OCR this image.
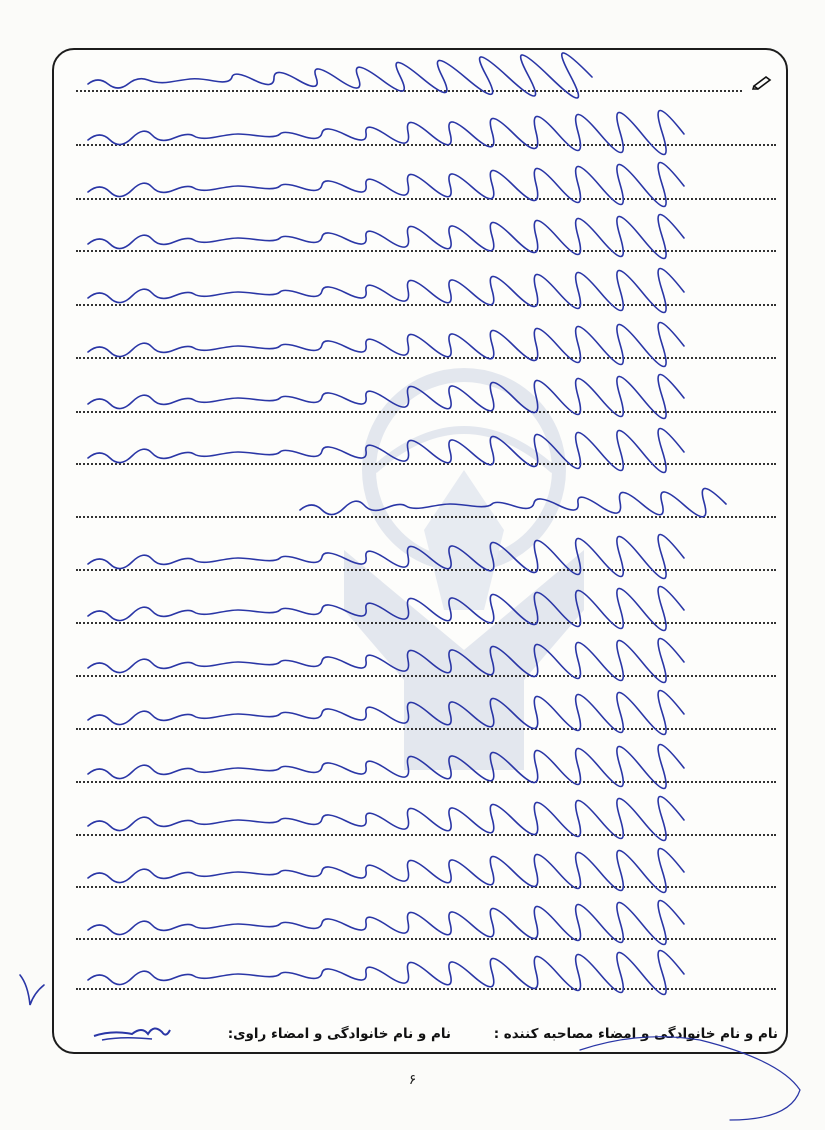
نام و نام خانوادگی و امضاء مصاحبه کننده :
نام و نام خانوادگی و امضاء راوی:
۶
